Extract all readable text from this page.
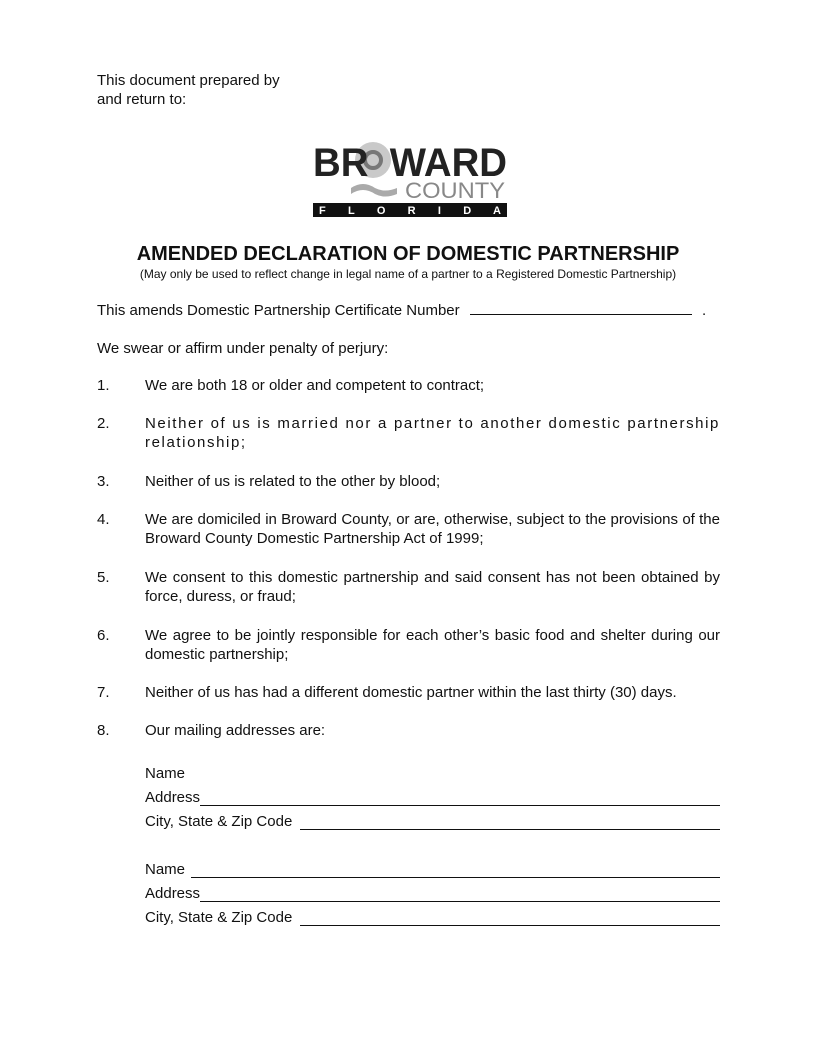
This document prepared by
and return to:
BR  WARD
COUNTY
F L O R I D A
AMENDED DECLARATION OF DOMESTIC PARTNERSHIP
(May only be used to reflect change in legal name of a partner to a Registered Domestic Partnership)
This amends Domestic Partnership Certificate Number	.
We swear or affirm under penalty of perjury:
1. We are both 18 or older and competent to contract;
2. Neither of us is married nor a partner to another domestic partnership relationship;
3. Neither of us is related to the other by blood;
4. We are domiciled in Broward County, or are, otherwise, subject to the provisions of the Broward County Domestic Partnership Act of 1999;
5. We consent to this domestic partnership and said consent has not been obtained by force, duress, or fraud;
6. We agree to be jointly responsible for each other’s basic food and shelter during our domestic partnership;
7. Neither of us has had a different domestic partner within the last thirty (30) days.
8. Our mailing addresses are:
Name
Address
City, State & Zip Code
Name
Address
City, State & Zip Code
